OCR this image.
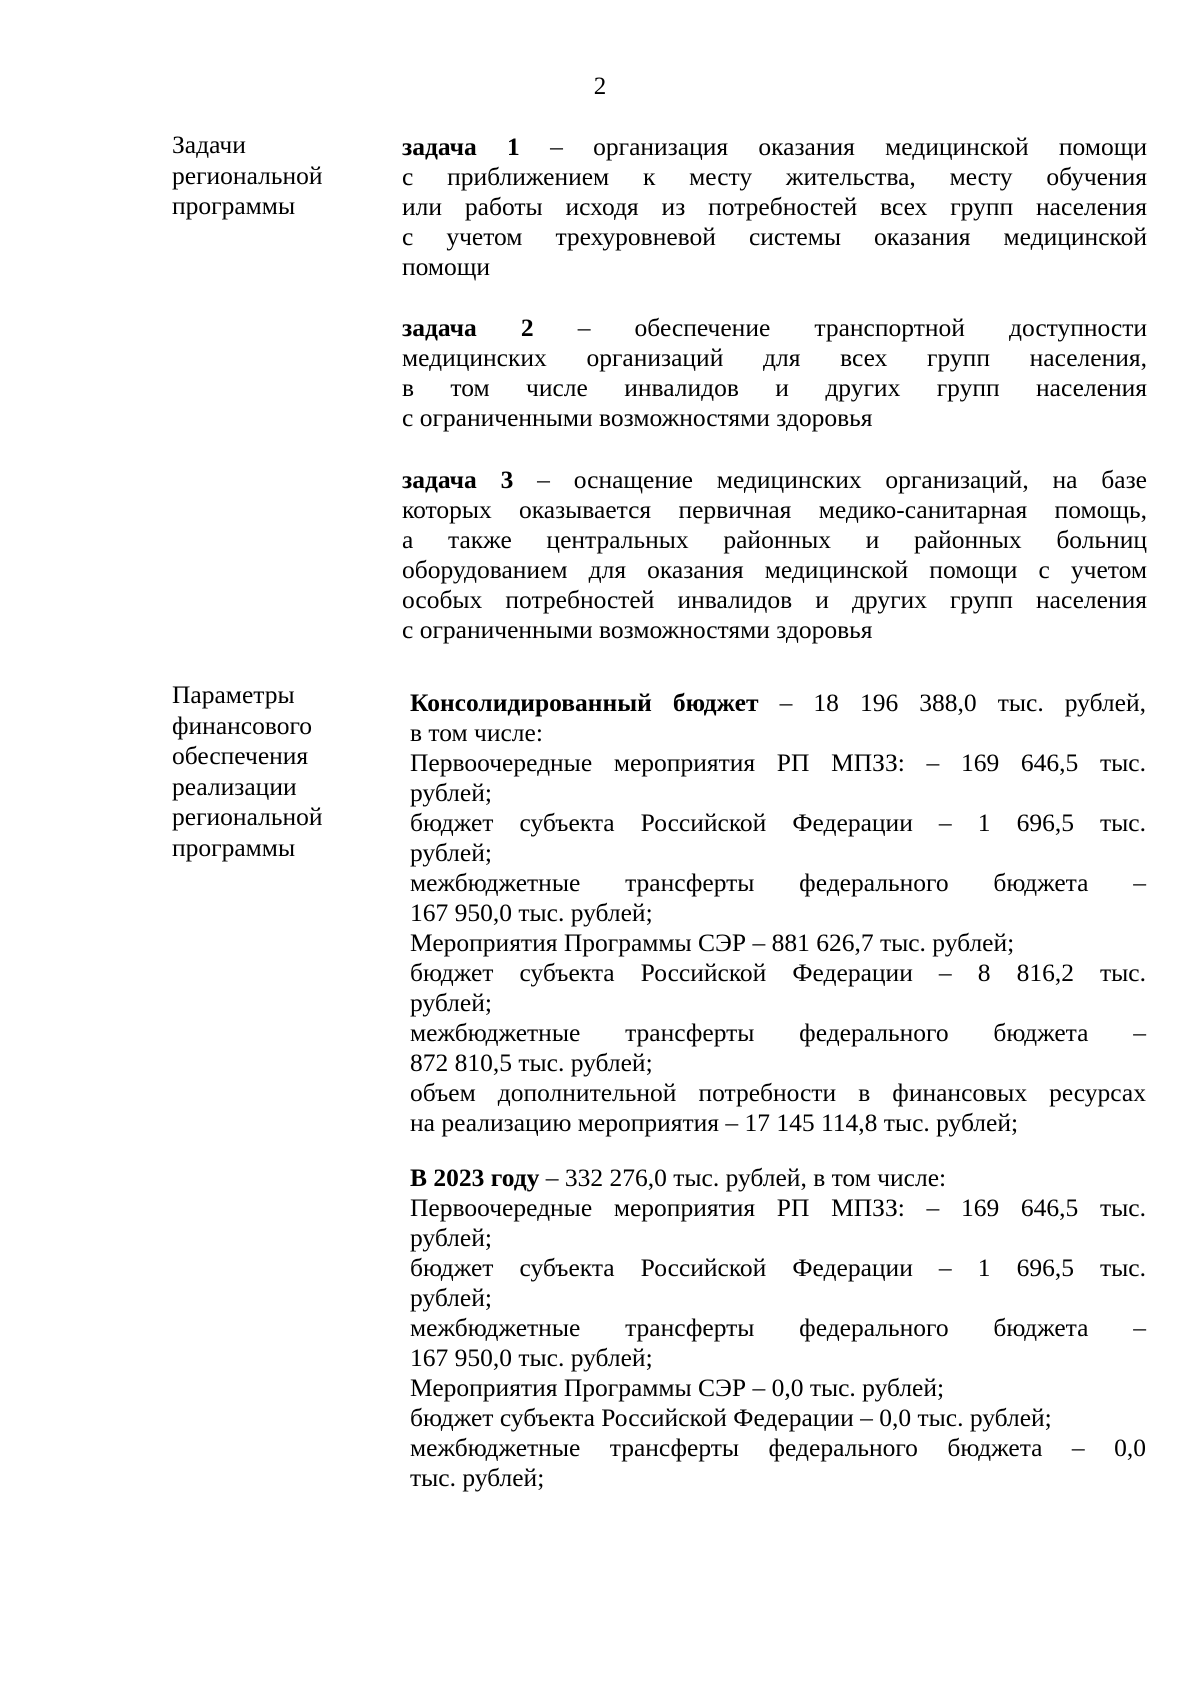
2
Задачи
региональной
программы
задача 1 – организация оказания медицинской помощи
с приближением к месту жительства, месту обучения
или работы исходя из потребностей всех групп населения
с учетом трехуровневой системы оказания медицинской
помощи
задача 2 – обеспечение транспортной доступности
медицинских организаций для всех групп населения,
в том числе инвалидов и других групп населения
с ограниченными возможностями здоровья
задача 3 – оснащение медицинских организаций, на базе
которых оказывается первичная медико-санитарная помощь,
а также центральных районных и районных больниц
оборудованием для оказания медицинской помощи с учетом
особых потребностей инвалидов и других групп населения
с ограниченными возможностями здоровья
Параметры
финансового
обеспечения
реализации
региональной
программы
Консолидированный бюджет – 18 196 388,0 тыс. рублей,
в том числе:
Первоочередные мероприятия РП МПЗЗ: – 169 646,5 тыс.
рублей;
бюджет субъекта Российской Федерации – 1 696,5 тыс.
рублей;
межбюджетные трансферты федерального бюджета –
167 950,0 тыс. рублей;
Мероприятия Программы СЭР – 881 626,7 тыс. рублей;
бюджет субъекта Российской Федерации – 8 816,2 тыс.
рублей;
межбюджетные трансферты федерального бюджета –
872 810,5 тыс. рублей;
объем дополнительной потребности в финансовых ресурсах
на реализацию мероприятия – 17 145 114,8 тыс. рублей;
В 2023 году – 332 276,0 тыс. рублей, в том числе:
Первоочередные мероприятия РП МПЗЗ: – 169 646,5 тыс.
рублей;
бюджет субъекта Российской Федерации – 1 696,5 тыс.
рублей;
межбюджетные трансферты федерального бюджета –
167 950,0 тыс. рублей;
Мероприятия Программы СЭР – 0,0 тыс. рублей;
бюджет субъекта Российской Федерации – 0,0 тыс. рублей;
межбюджетные трансферты федерального бюджета – 0,0
тыс. рублей;
